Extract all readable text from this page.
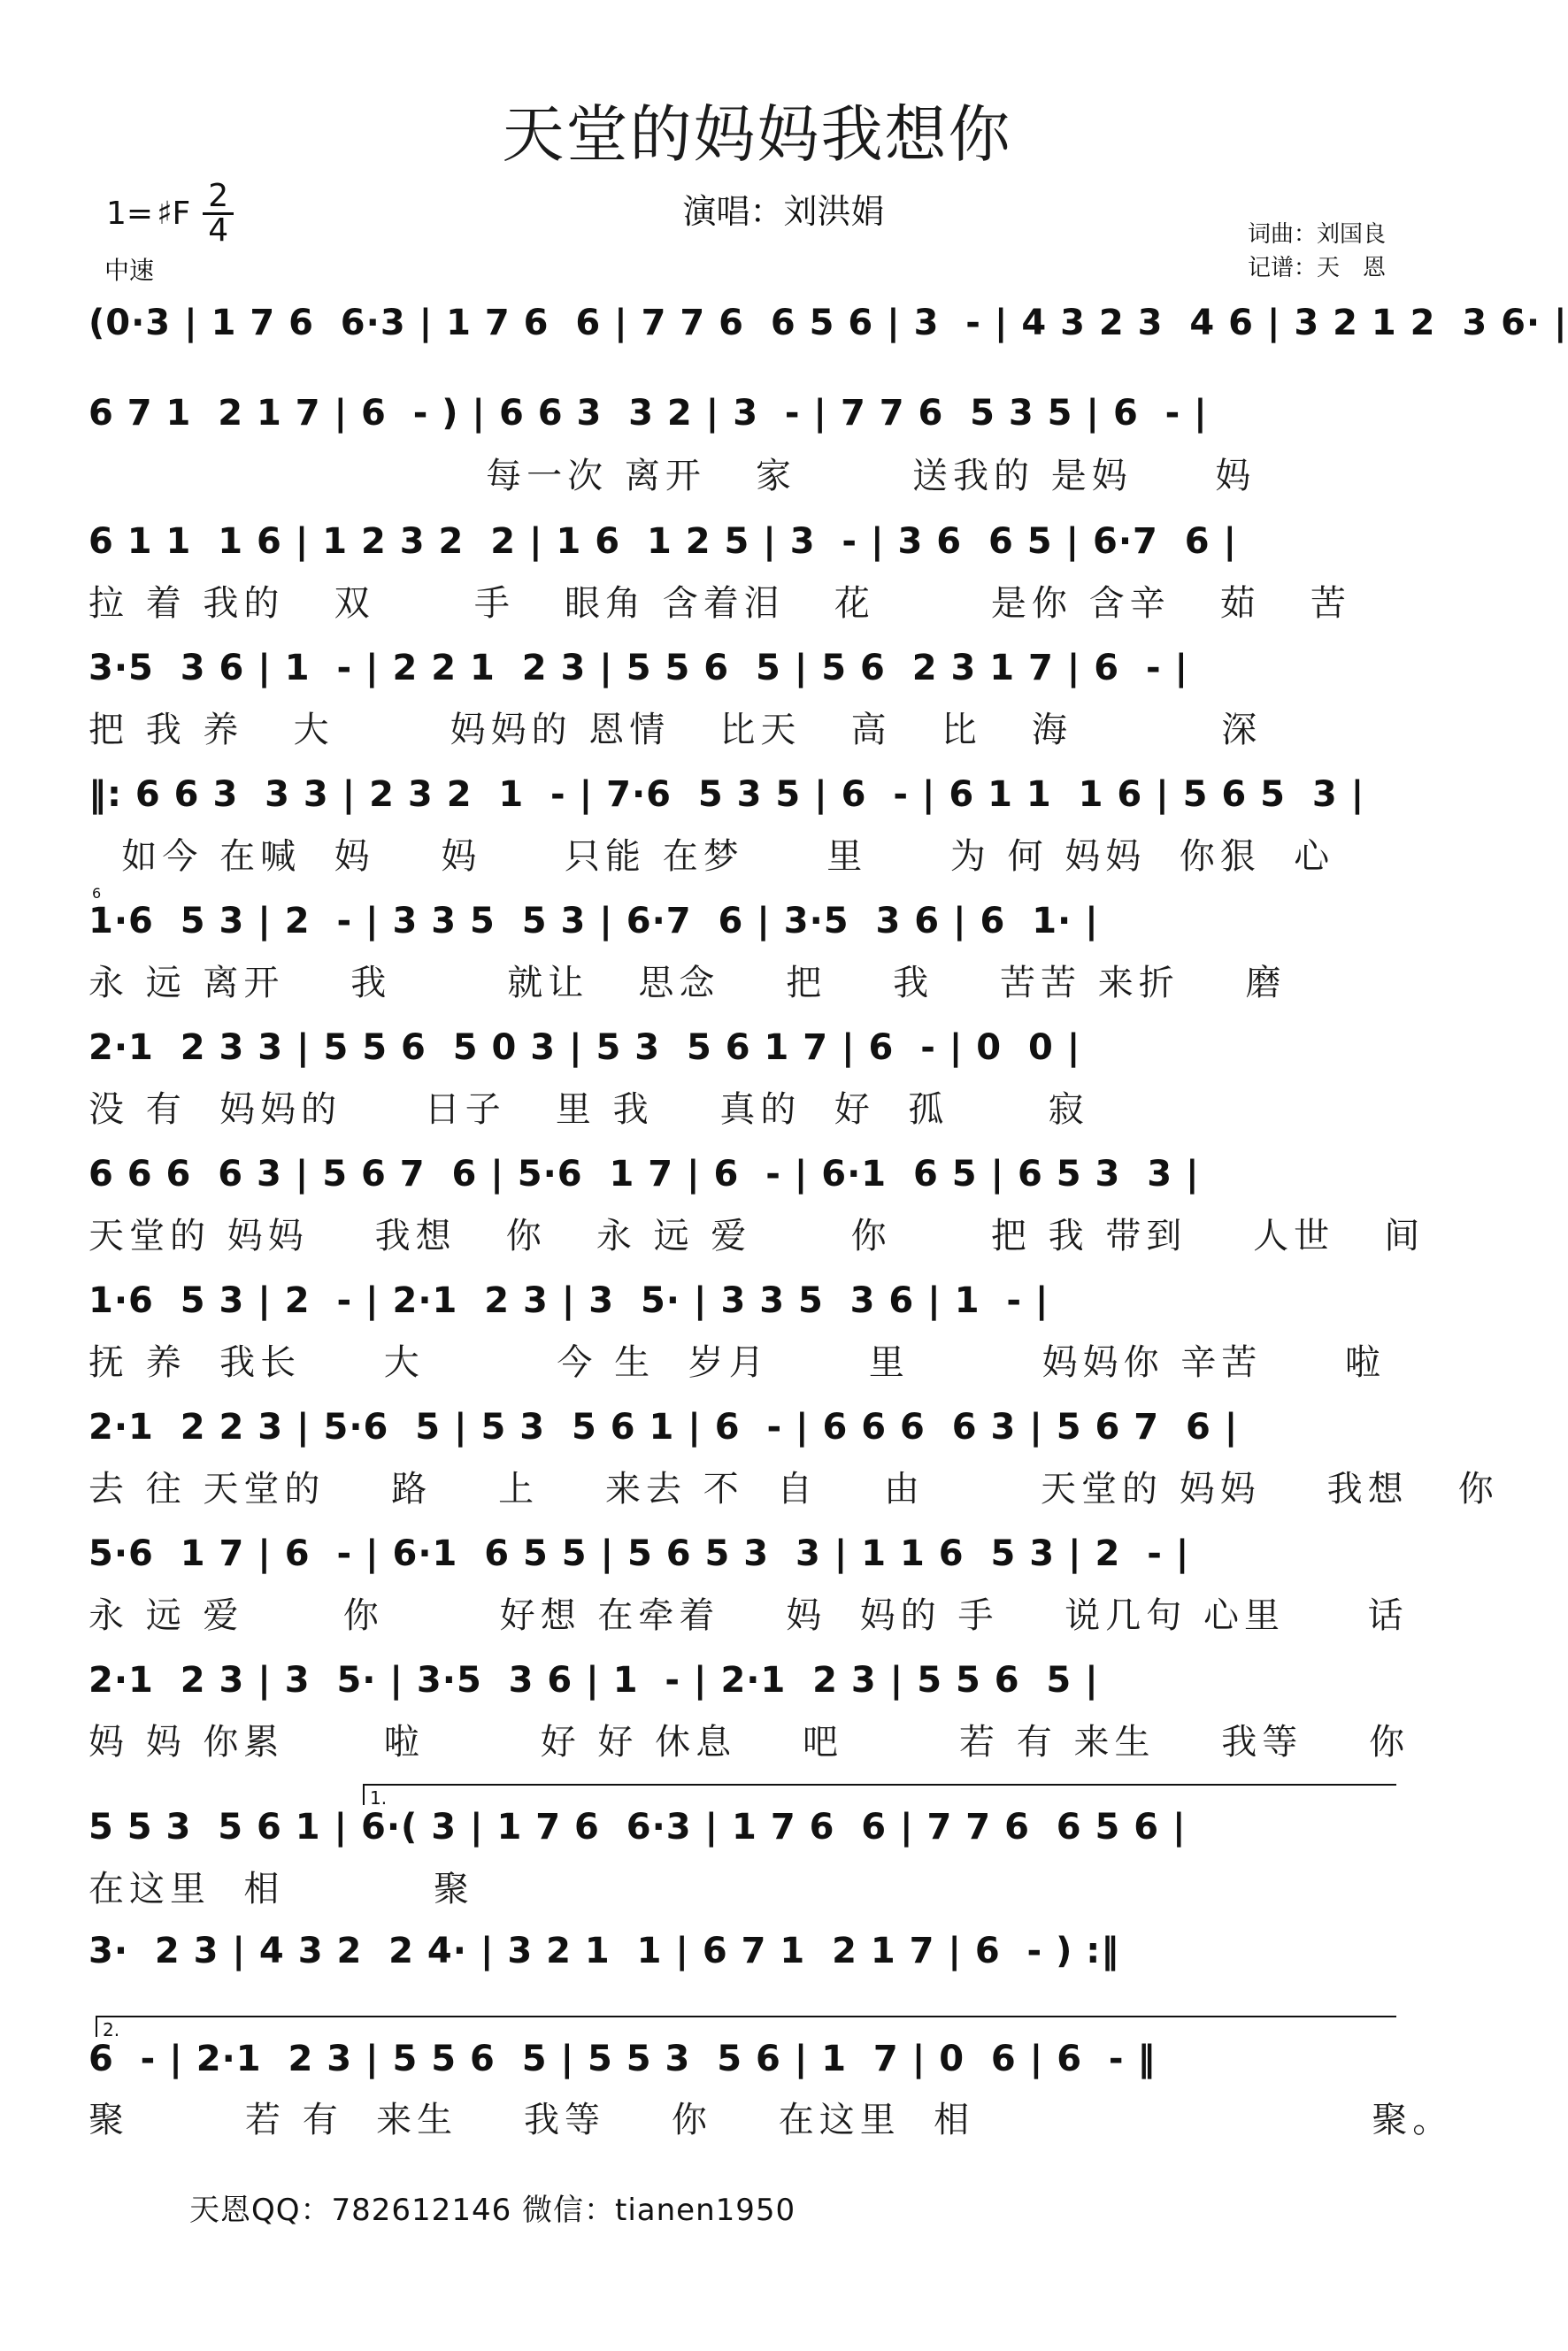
天堂的妈妈我想你
1= ♯F $\frac{2}{4}$
中速
演唱：刘洪娟
词曲：刘国良
记谱：天　恩
(0·3 | 1 7 6  6·3 | 1 7 6  6 | 7 7 6  6 5 6 | 3  - | 4 3 2 3  4 6 | 3 2 1 2  3 6· |
6 7 1  2 1 7 | 6  - ) | 6 6 3  3 2 | 3  - | 7 7 6  5 3 5 | 6  - |
每一次 离开   家       送我的 是妈     妈
6 1 1  1 6 | 1 2 3 2  2 | 1 6  1 2 5 | 3  - | 3 6  6 5 | 6·7  6 |
拉 着 我的   双      手   眼角 含着泪   花       是你 含辛   茹   苦
3·5  3 6 | 1  - | 2 2 1  2 3 | 5 5 6  5 | 5 6  2 3 1 7 | 6  - |
把 我 养   大       妈妈的 恩情   比天   高   比   海         深
‖: 6 6 3  3 3 | 2 3 2  1  - | 7·6  5 3 5 | 6  - | 6 1 1  1 6 | 5 6 5  3 |
如今 在喊  妈    妈     只能 在梦     里     为 何 妈妈  你狠  心
6
1·6  5 3 | 2  - | 3 3 5  5 3 | 6·7  6 | 3·5  3 6 | 6  1· |
永 远 离开    我       就让   思念    把    我    苦苦 来折    磨
2·1  2 3 3 | 5 5 6  5 0 3 | 5 3  5 6 1 7 | 6  - | 0  0 |
没 有  妈妈的     日子   里 我    真的  好  孤      寂
6 6 6  6 3 | 5 6 7  6 | 5·6  1 7 | 6  - | 6·1  6 5 | 6 5 3  3 |
天堂的 妈妈    我想   你   永 远 爱      你      把 我 带到    人世   间
1·6  5 3 | 2  - | 2·1  2 3 | 3  5· | 3 3 5  3 6 | 1  - |
抚 养  我长     大        今 生  岁月      里        妈妈你 辛苦     啦
2·1  2 2 3 | 5·6  5 | 5 3  5 6 1 | 6  - | 6 6 6  6 3 | 5 6 7  6 |
去 往 天堂的    路    上    来去 不  自    由       天堂的 妈妈    我想   你
5·6  1 7 | 6  - | 6·1  6 5 5 | 5 6 5 3  3 | 1 1 6  5 3 | 2  - |
永 远 爱      你       好想 在牵着    妈  妈的 手    说几句 心里     话
2·1  2 3 | 3  5· | 3·5  3 6 | 1  - | 2·1  2 3 | 5 5 6  5 |
妈 妈 你累      啦       好 好 休息    吧       若 有 来生    我等    你
1.
5 5 3  5 6 1 | 6·( 3 | 1 7 6  6·3 | 1 7 6  6 | 7 7 6  6 5 6 |
在这里  相         聚
3·  2 3 | 4 3 2  2 4· | 3 2 1  1 | 6 7 1  2 1 7 | 6  - ) :‖
2.
6  - | 2·1  2 3 | 5 5 6  5 | 5 5 3  5 6 | 1  7 | 0  6 | 6  - ‖
聚       若 有  来生    我等    你    在这里  相                        聚。
天恩QQ：782612146 微信：tianen1950
